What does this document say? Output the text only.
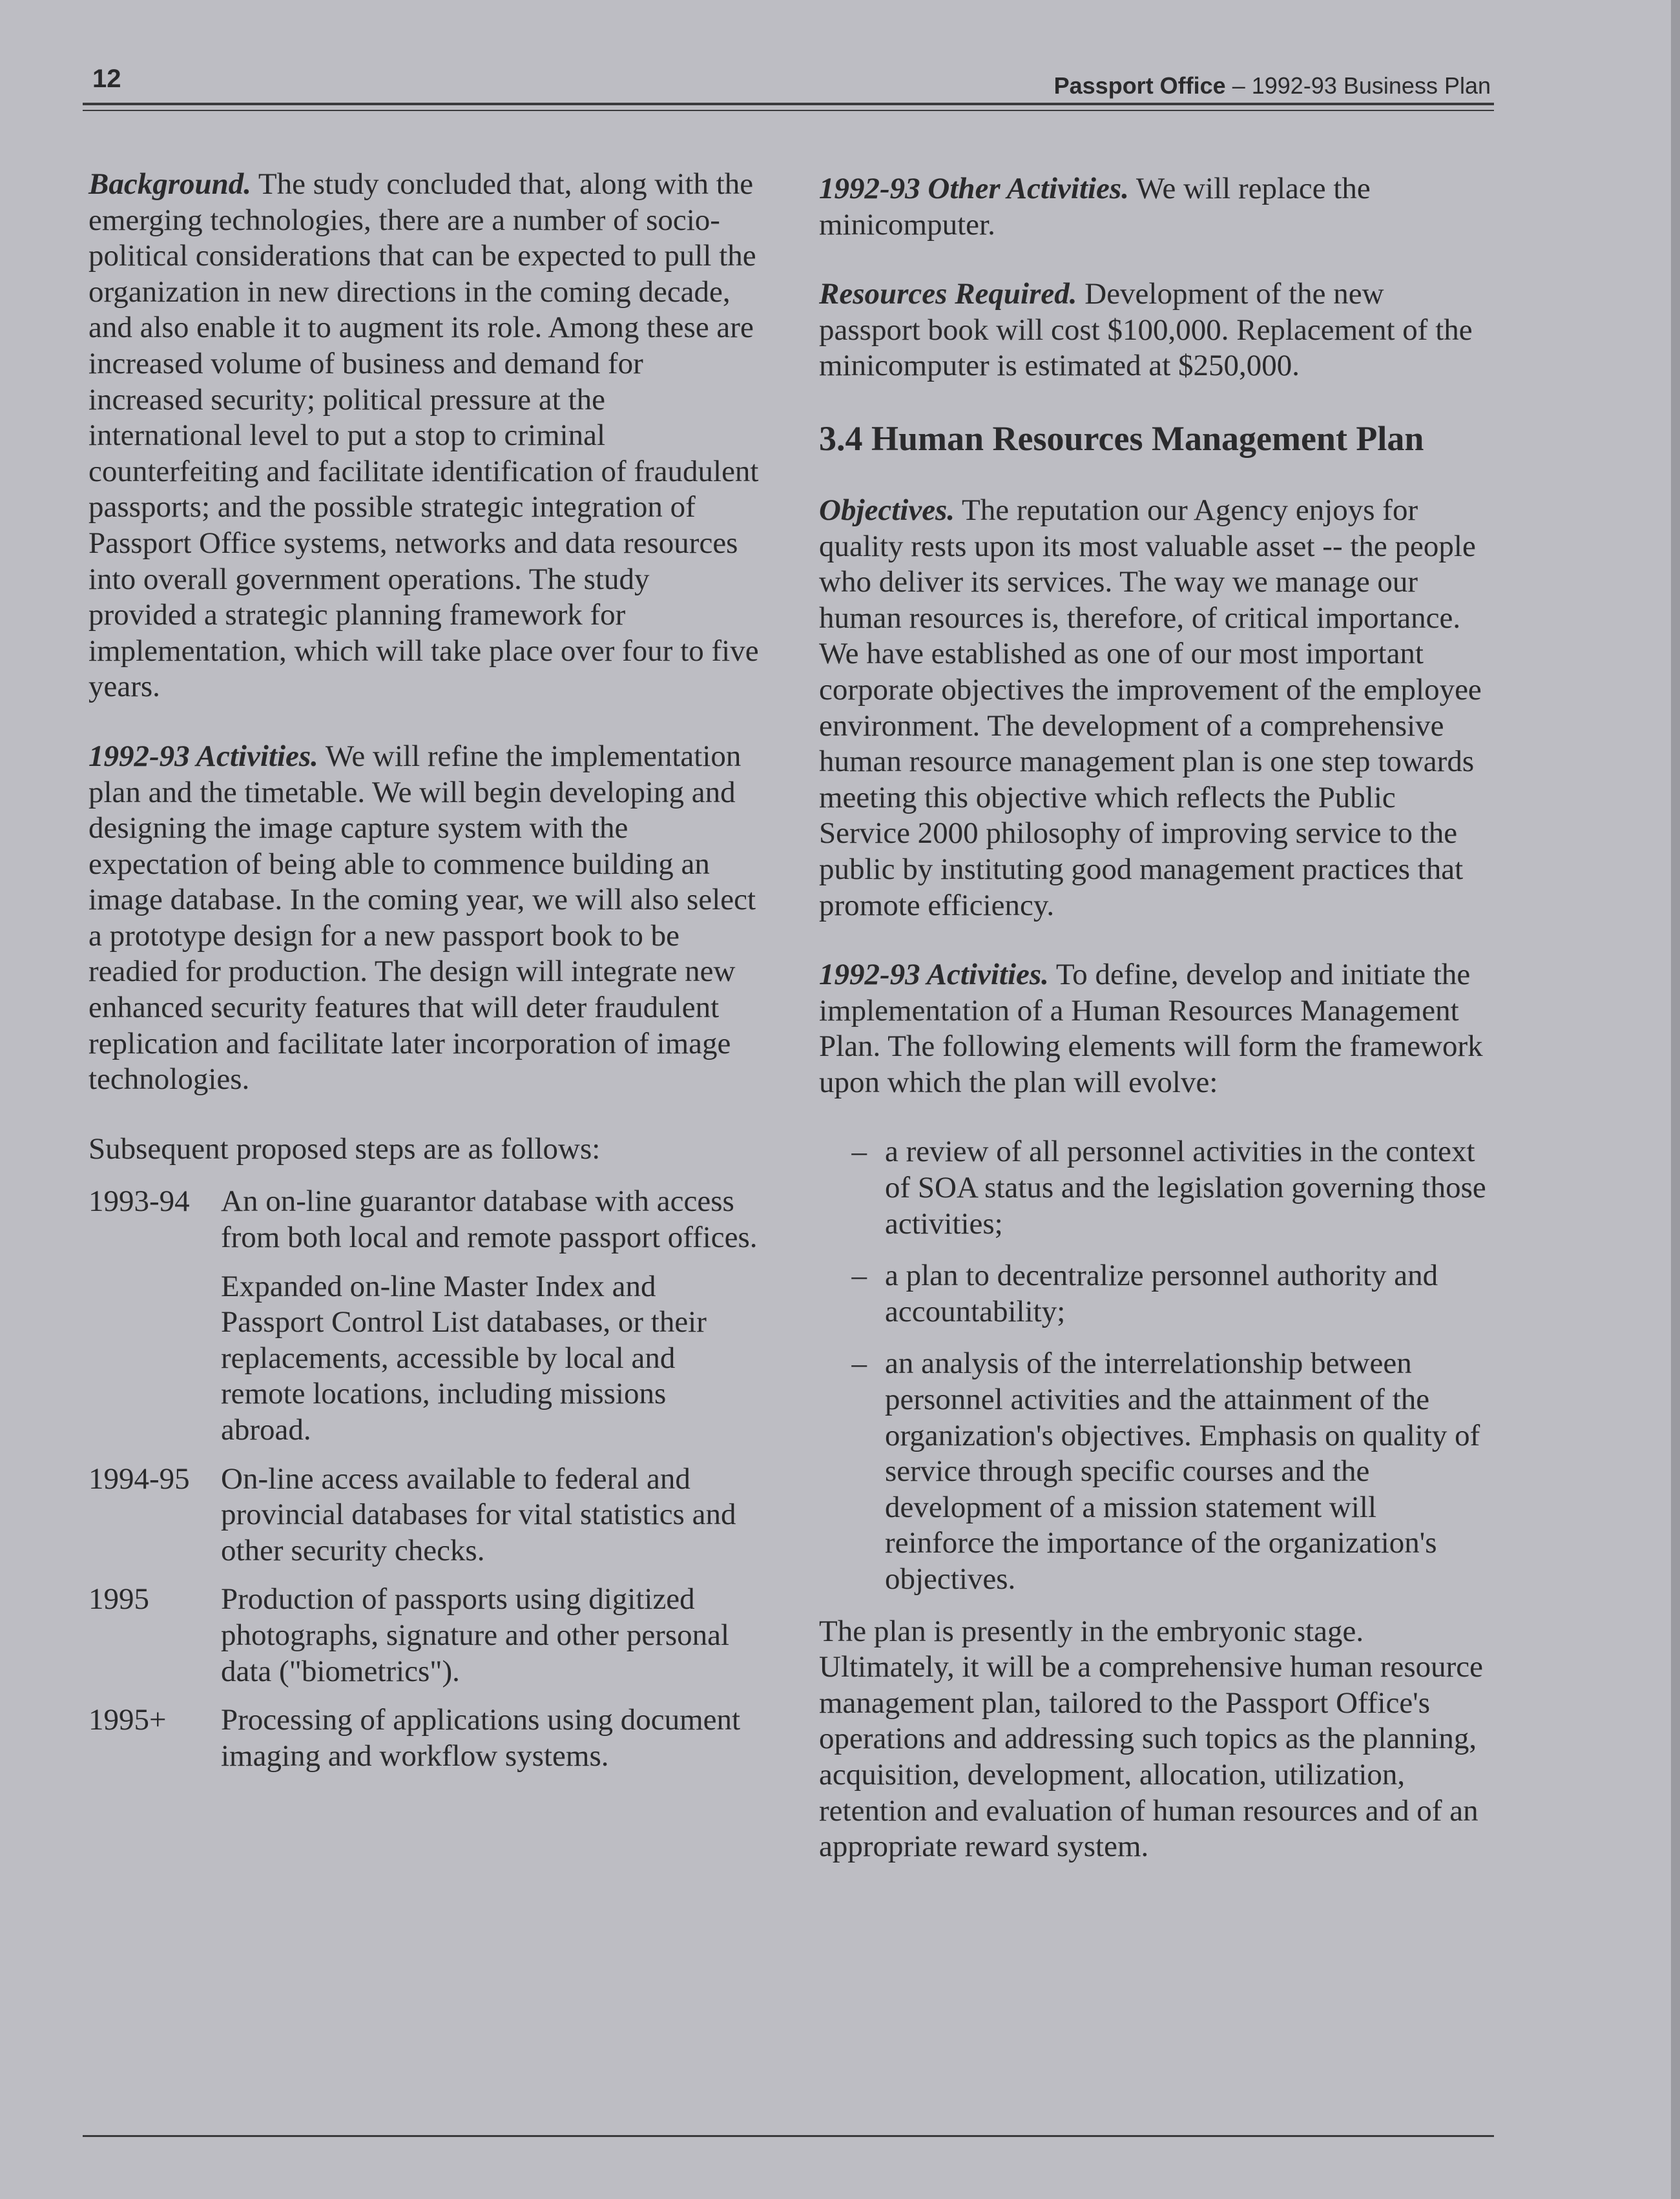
12	Passport Office – 1992-93 Business Plan

Background. The study concluded that, along with the emerging technologies, there are a number of socio-political considerations that can be expected to pull the organization in new directions in the coming decade, and also enable it to augment its role. Among these are increased volume of business and demand for increased security; political pressure at the international level to put a stop to criminal counterfeiting and facilitate identification of fraudulent passports; and the possible strategic integration of Passport Office systems, networks and data resources into overall government operations. The study provided a strategic planning framework for implementation, which will take place over four to five years.

1992-93 Activities. We will refine the implementation plan and the timetable. We will begin developing and designing the image capture system with the expectation of being able to commence building an image database. In the coming year, we will also select a prototype design for a new passport book to be readied for production. The design will integrate new enhanced security features that will deter fraudulent replication and facilitate later incorporation of image technologies.

Subsequent proposed steps are as follows:

1993-94	An on-line guarantor database with access from both local and remote passport offices.

Expanded on-line Master Index and Passport Control List databases, or their replacements, accessible by local and remote locations, including missions abroad.

1994-95	On-line access available to federal and provincial databases for vital statistics and other security checks.

1995	Production of passports using digitized photographs, signature and other personal data ("biometrics").

1995+	Processing of applications using document imaging and workflow systems.

1992-93 Other Activities. We will replace the minicomputer.

Resources Required. Development of the new passport book will cost $100,000. Replacement of the minicomputer is estimated at $250,000.

3.4 Human Resources Management Plan

Objectives. The reputation our Agency enjoys for quality rests upon its most valuable asset -- the people who deliver its services. The way we manage our human resources is, therefore, of critical importance. We have established as one of our most important corporate objectives the improvement of the employee environment. The development of a comprehensive human resource management plan is one step towards meeting this objective which reflects the Public Service 2000 philosophy of improving service to the public by instituting good management practices that promote efficiency.

1992-93 Activities. To define, develop and initiate the implementation of a Human Resources Management Plan. The following elements will form the framework upon which the plan will evolve:

– a review of all personnel activities in the context of SOA status and the legislation governing those activities;
– a plan to decentralize personnel authority and accountability;
– an analysis of the interrelationship between personnel activities and the attainment of the organization's objectives. Emphasis on quality of service through specific courses and the development of a mission statement will reinforce the importance of the organization's objectives.

The plan is presently in the embryonic stage. Ultimately, it will be a comprehensive human resource management plan, tailored to the Passport Office's operations and addressing such topics as the planning, acquisition, development, allocation, utilization, retention and evaluation of human resources and of an appropriate reward system.
